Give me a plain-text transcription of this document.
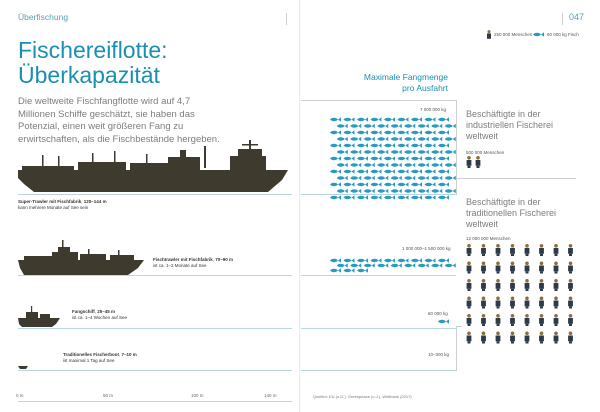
Überfischung	047
Fischereiflotte:
Überkapazität
Die weltweite Fischfangflotte wird auf 4,7 Millionen Schiffe geschätzt, sie haben das Potenzial, einen weit größeren Fang zu erwirtschaften, als die Fischbestände hergeben.
250 000 Menschen	60 000 kg Fisch
Maximale Fangmenge
pro Ausfahrt
Super-Trawler mit Fischfabrik, 120–144 m
kann mehrere Monate auf See sein
Fischtrawler mit Fischfabrik, 70–90 m
ist ca. 1–2 Monate auf See
Fangschiff, 25–45 m
ist ca. 1–4 Wochen auf See
Traditionelles Fischerboot, 7–10 m
ist maximal 1 Tag auf See
0 m	50 m	100 m	140 m
7 000 000 kg
1 000 000–1 500 000 kg
60 000 kg
10–300 kg
Beschäftigte in der industriellen Fischerei weltweit
500 000 Menschen
Beschäftigte in der traditionellen Fischerei weltweit
12 000 000 Menschen
Quellen: EU (o.D.), Greenpeace (o.J.), Weltbank (2017)
